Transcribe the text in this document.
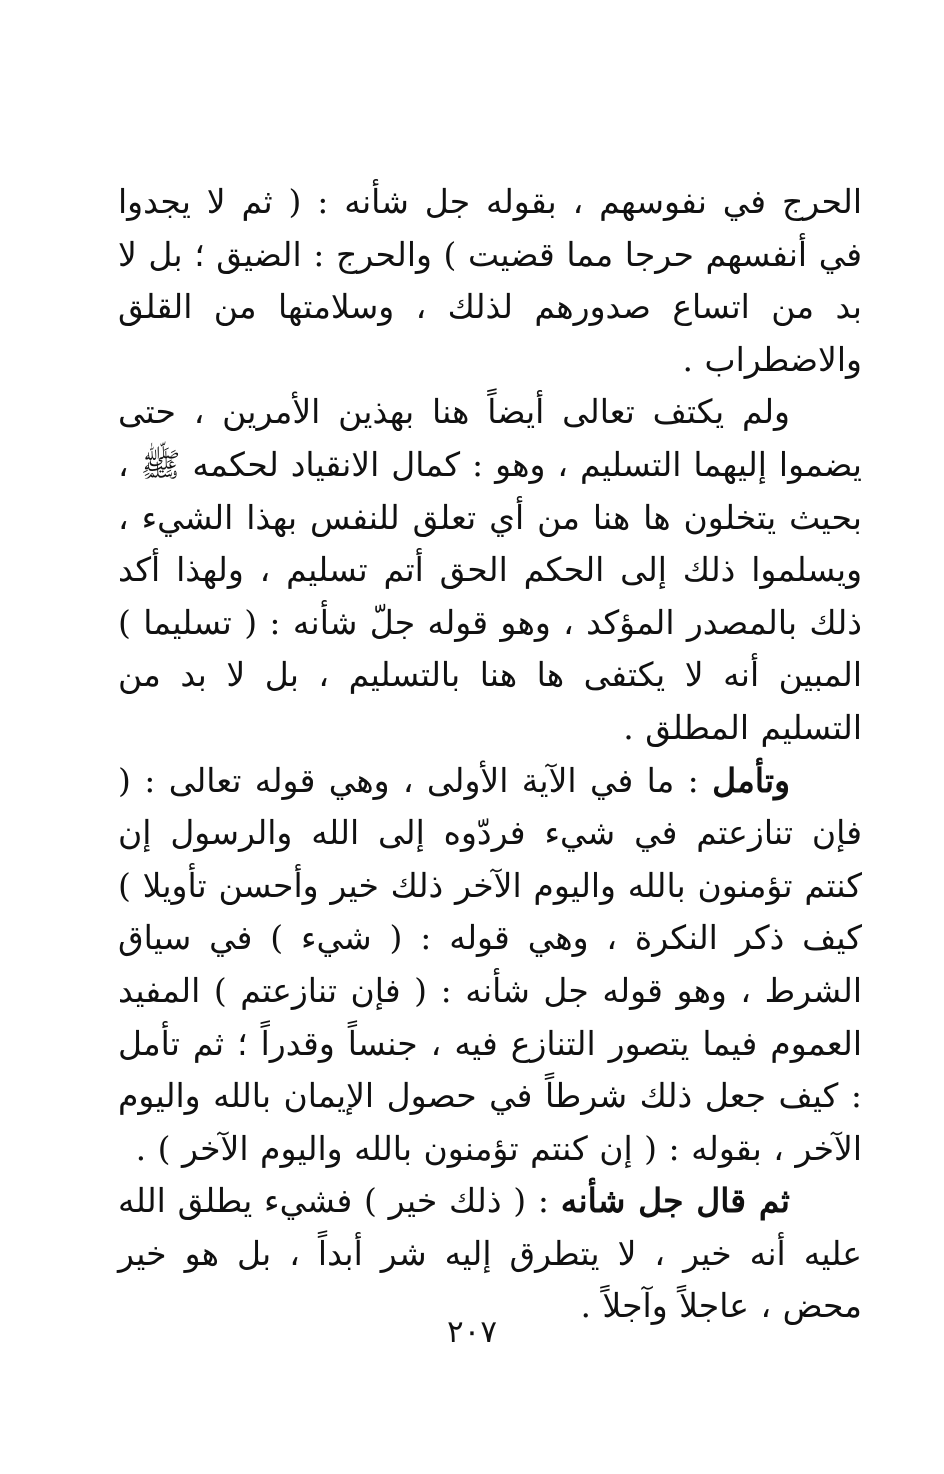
الحرج في نفوسهم ، بقوله جل شأنه : ( ثم لا يجدوا في أنفسهم حرجا مما قضيت ) والحرج : الضيق ؛ بل لا بد من اتساع صدورهم لذلك ، وسلامتها من القلق والاضطراب .

ولم يكتف تعالى أيضاً هنا بهذين الأمرين ، حتى يضموا إليهما التسليم ، وهو : كمال الانقياد لحكمه ﷺ ، بحيث يتخلون ها هنا من أي تعلق للنفس بهذا الشيء ، ويسلموا ذلك إلى الحكم الحق أتم تسليم ، ولهذا أكد ذلك بالمصدر المؤكد ، وهو قوله جلّ شأنه : ( تسليما ) المبين أنه لا يكتفى ها هنا بالتسليم ، بل لا بد من التسليم المطلق .

وتأمل : ما في الآية الأولى ، وهي قوله تعالى : ( فإن تنازعتم في شيء فردّوه إلى الله والرسول إن كنتم تؤمنون بالله واليوم الآخر ذلك خير وأحسن تأويلا ) كيف ذكر النكرة ، وهي قوله : ( شيء ) في سياق الشرط ، وهو قوله جل شأنه : ( فإن تنازعتم ) المفيد العموم فيما يتصور التنازع فيه ، جنساً وقدراً ؛ ثم تأمل : كيف جعل ذلك شرطاً في حصول الإيمان بالله واليوم الآخر ، بقوله : ( إن كنتم تؤمنون بالله واليوم الآخر ) .

ثم قال جل شأنه : ( ذلك خير ) فشيء يطلق الله عليه أنه خير ، لا يتطرق إليه شر أبداً ، بل هو خير محض ، عاجلاً وآجلاً .

٢٠٧
